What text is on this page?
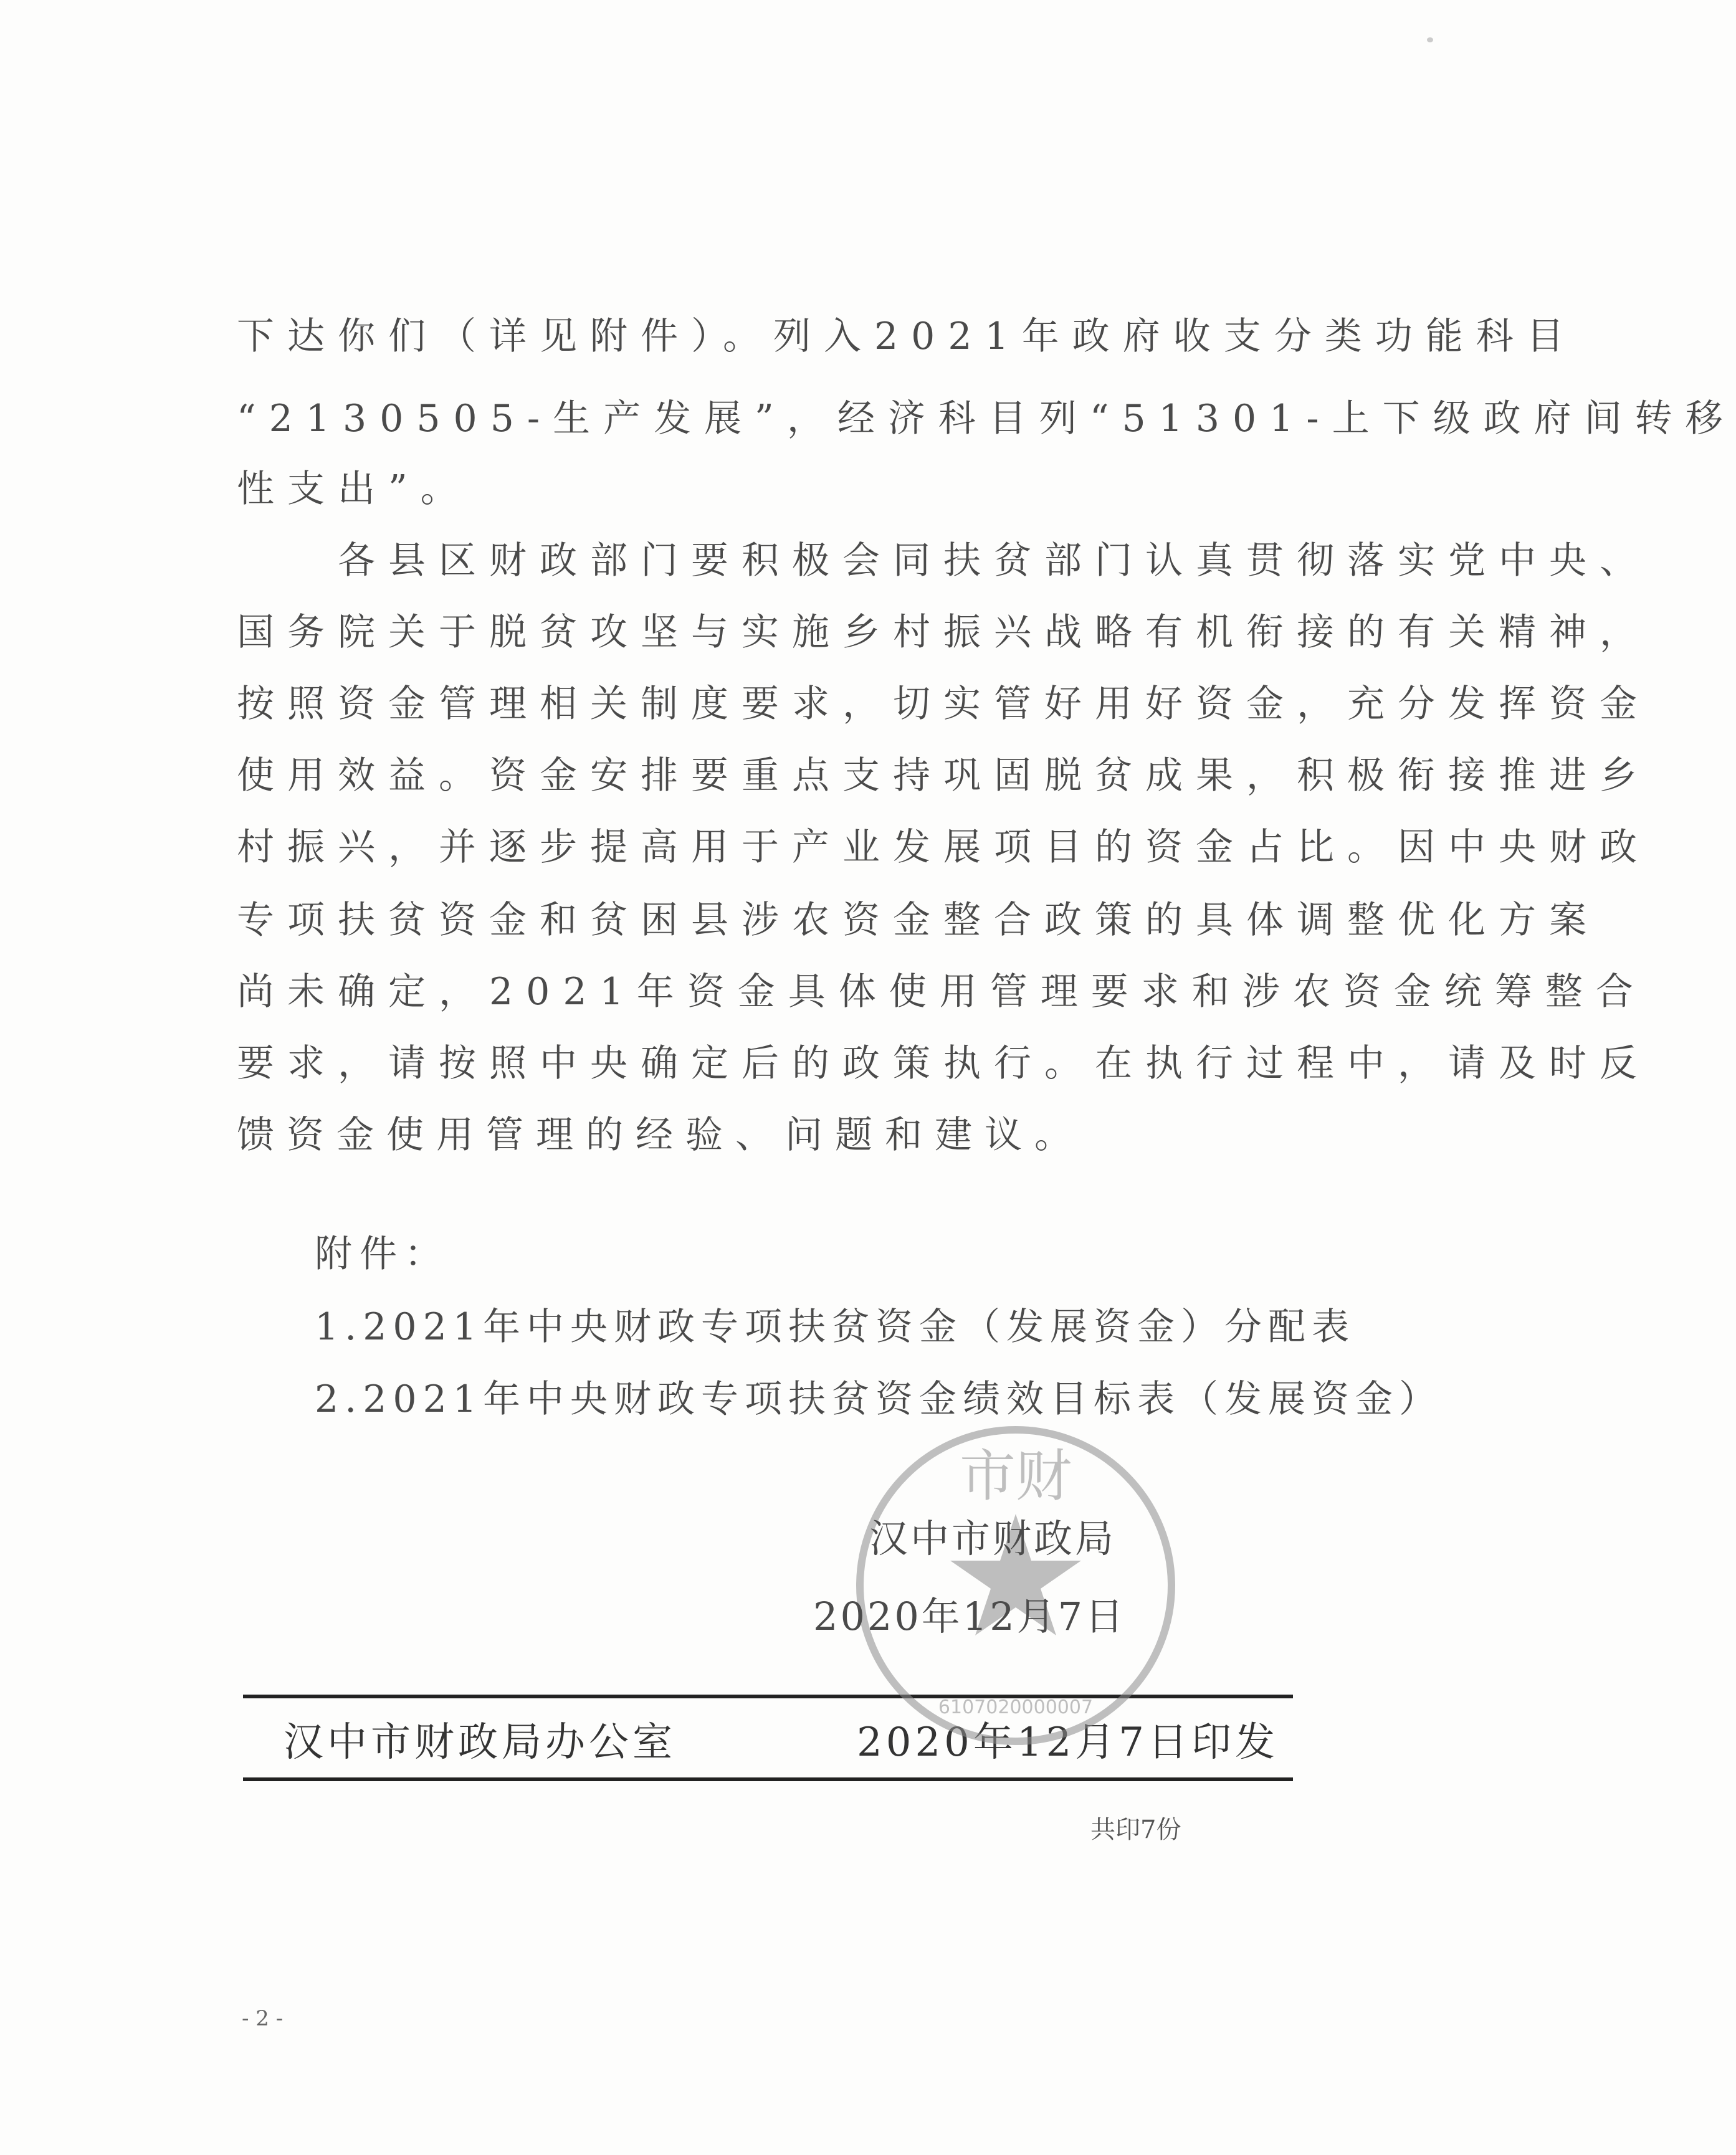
下达你们（详见附件）。列入2021年政府收支分类功能科目
“2130505-生产发展”，经济科目列“51301-上下级政府间转移
性支出”。
　　各县区财政部门要积极会同扶贫部门认真贯彻落实党中央、
国务院关于脱贫攻坚与实施乡村振兴战略有机衔接的有关精神，
按照资金管理相关制度要求，切实管好用好资金，充分发挥资金
使用效益。资金安排要重点支持巩固脱贫成果，积极衔接推进乡
村振兴，并逐步提高用于产业发展项目的资金占比。因中央财政
专项扶贫资金和贫困县涉农资金整合政策的具体调整优化方案
尚未确定，2021年资金具体使用管理要求和涉农资金统筹整合
要求，请按照中央确定后的政策执行。在执行过程中，请及时反
馈资金使用管理的经验、问题和建议。
附件：
1.2021年中央财政专项扶贫资金（发展资金）分配表
2.2021年中央财政专项扶贫资金绩效目标表（发展资金）
市财
6107020000007
汉中市财政局
2020年12月7日
汉中市财政局办公室	2020年12月7日印发
共印7份
- 2 -
